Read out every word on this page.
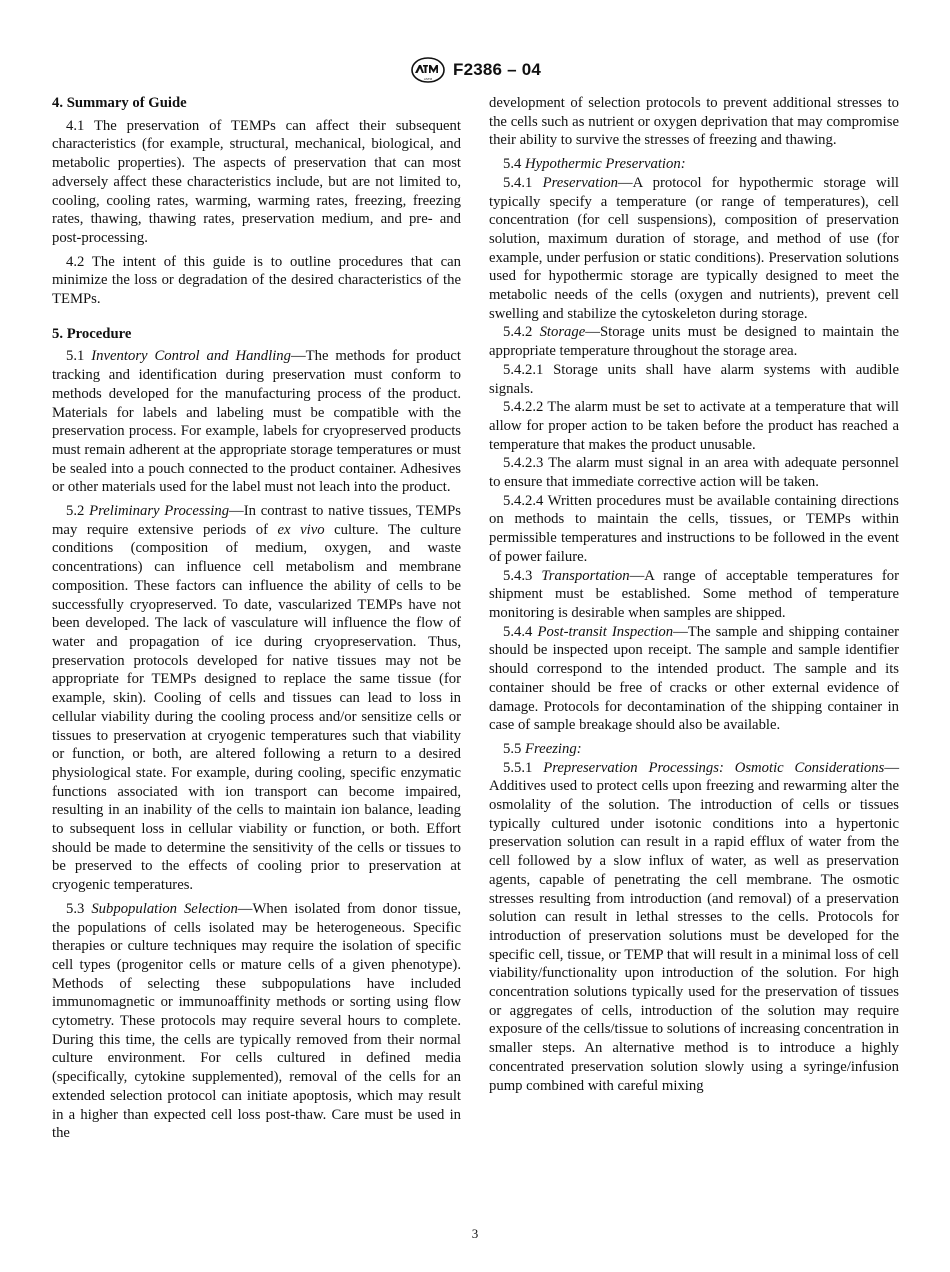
ASTM F2386 – 04
4. Summary of Guide

4.1 The preservation of TEMPs can affect their subsequent characteristics (for example, structural, mechanical, biological, and metabolic properties). The aspects of preservation that can most adversely affect these characteristics include, but are not limited to, cooling, cooling rates, warming, warming rates, freezing, freezing rates, thawing, thawing rates, preservation medium, and pre- and post-processing.

4.2 The intent of this guide is to outline procedures that can minimize the loss or degradation of the desired characteristics of the TEMPs.

5. Procedure

5.1 Inventory Control and Handling—The methods for product tracking and identification during preservation must conform to methods developed for the manufacturing process of the product. Materials for labels and labeling must be compatible with the preservation process. For example, labels for cryopreserved products must remain adherent at the appropriate storage temperatures or must be sealed into a pouch connected to the product container. Adhesives or other materials used for the label must not leach into the product.

5.2 Preliminary Processing—In contrast to native tissues, TEMPs may require extensive periods of ex vivo culture. The culture conditions (composition of medium, oxygen, and waste concentrations) can influence cell metabolism and membrane composition. These factors can influence the ability of cells to be successfully cryopreserved. To date, vascularized TEMPs have not been developed. The lack of vasculature will influence the flow of water and propagation of ice during cryopreservation. Thus, preservation protocols developed for native tissues may not be appropriate for TEMPs designed to replace the same tissue (for example, skin). Cooling of cells and tissues can lead to loss in cellular viability during the cooling process and/or sensitize cells or tissues to preservation at cryogenic temperatures such that viability or function, or both, are altered following a return to a desired physiological state. For example, during cooling, specific enzymatic functions associated with ion transport can become impaired, resulting in an inability of the cells to maintain ion balance, leading to subsequent loss in cellular viability or function, or both. Effort should be made to determine the sensitivity of the cells or tissues to be preserved to the effects of cooling prior to preservation at cryogenic temperatures.

5.3 Subpopulation Selection—When isolated from donor tissue, the populations of cells isolated may be heterogeneous. Specific therapies or culture techniques may require the isolation of specific cell types (progenitor cells or mature cells of a given phenotype). Methods of selecting these subpopulations have included immunomagnetic or immunoaffinity methods or sorting using flow cytometry. These protocols may require several hours to complete. During this time, the cells are typically removed from their normal culture environment. For cells cultured in defined media (specifically, cytokine supplemented), removal of the cells for an extended selection protocol can initiate apoptosis, which may result in a higher than expected cell loss post-thaw. Care must be used in the

development of selection protocols to prevent additional stresses to the cells such as nutrient or oxygen deprivation that may compromise their ability to survive the stresses of freezing and thawing.

5.4 Hypothermic Preservation:

5.4.1 Preservation—A protocol for hypothermic storage will typically specify a temperature (or range of temperatures), cell concentration (for cell suspensions), composition of preservation solution, maximum duration of storage, and method of use (for example, under perfusion or static conditions). Preservation solutions used for hypothermic storage are typically designed to meet the metabolic needs of the cells (oxygen and nutrients), prevent cell swelling and stabilize the cytoskeleton during storage.

5.4.2 Storage—Storage units must be designed to maintain the appropriate temperature throughout the storage area.

5.4.2.1 Storage units shall have alarm systems with audible signals.

5.4.2.2 The alarm must be set to activate at a temperature that will allow for proper action to be taken before the product has reached a temperature that makes the product unusable.

5.4.2.3 The alarm must signal in an area with adequate personnel to ensure that immediate corrective action will be taken.

5.4.2.4 Written procedures must be available containing directions on methods to maintain the cells, tissues, or TEMPs within permissible temperatures and instructions to be followed in the event of power failure.

5.4.3 Transportation—A range of acceptable temperatures for shipment must be established. Some method of temperature monitoring is desirable when samples are shipped.

5.4.4 Post-transit Inspection—The sample and shipping container should be inspected upon receipt. The sample and sample identifier should correspond to the intended product. The sample and its container should be free of cracks or other external evidence of damage. Protocols for decontamination of the shipping container in case of sample breakage should also be available.

5.5 Freezing:

5.5.1 Prepreservation Processings: Osmotic Considerations—Additives used to protect cells upon freezing and rewarming alter the osmolality of the solution. The introduction of cells or tissues typically cultured under isotonic conditions into a hypertonic preservation solution can result in a rapid efflux of water from the cell followed by a slow influx of water, as well as preservation agents, capable of penetrating the cell membrane. The osmotic stresses resulting from introduction (and removal) of a preservation solution can result in lethal stresses to the cells. Protocols for introduction of preservation solutions must be developed for the specific cell, tissue, or TEMP that will result in a minimal loss of cell viability/functionality upon introduction of the solution. For high concentration solutions typically used for the preservation of tissues or aggregates of cells, introduction of the solution may require exposure of the cells/tissue to solutions of increasing concentration in smaller steps. An alternative method is to introduce a highly concentrated preservation solution slowly using a syringe/infusion pump combined with careful mixing

3
